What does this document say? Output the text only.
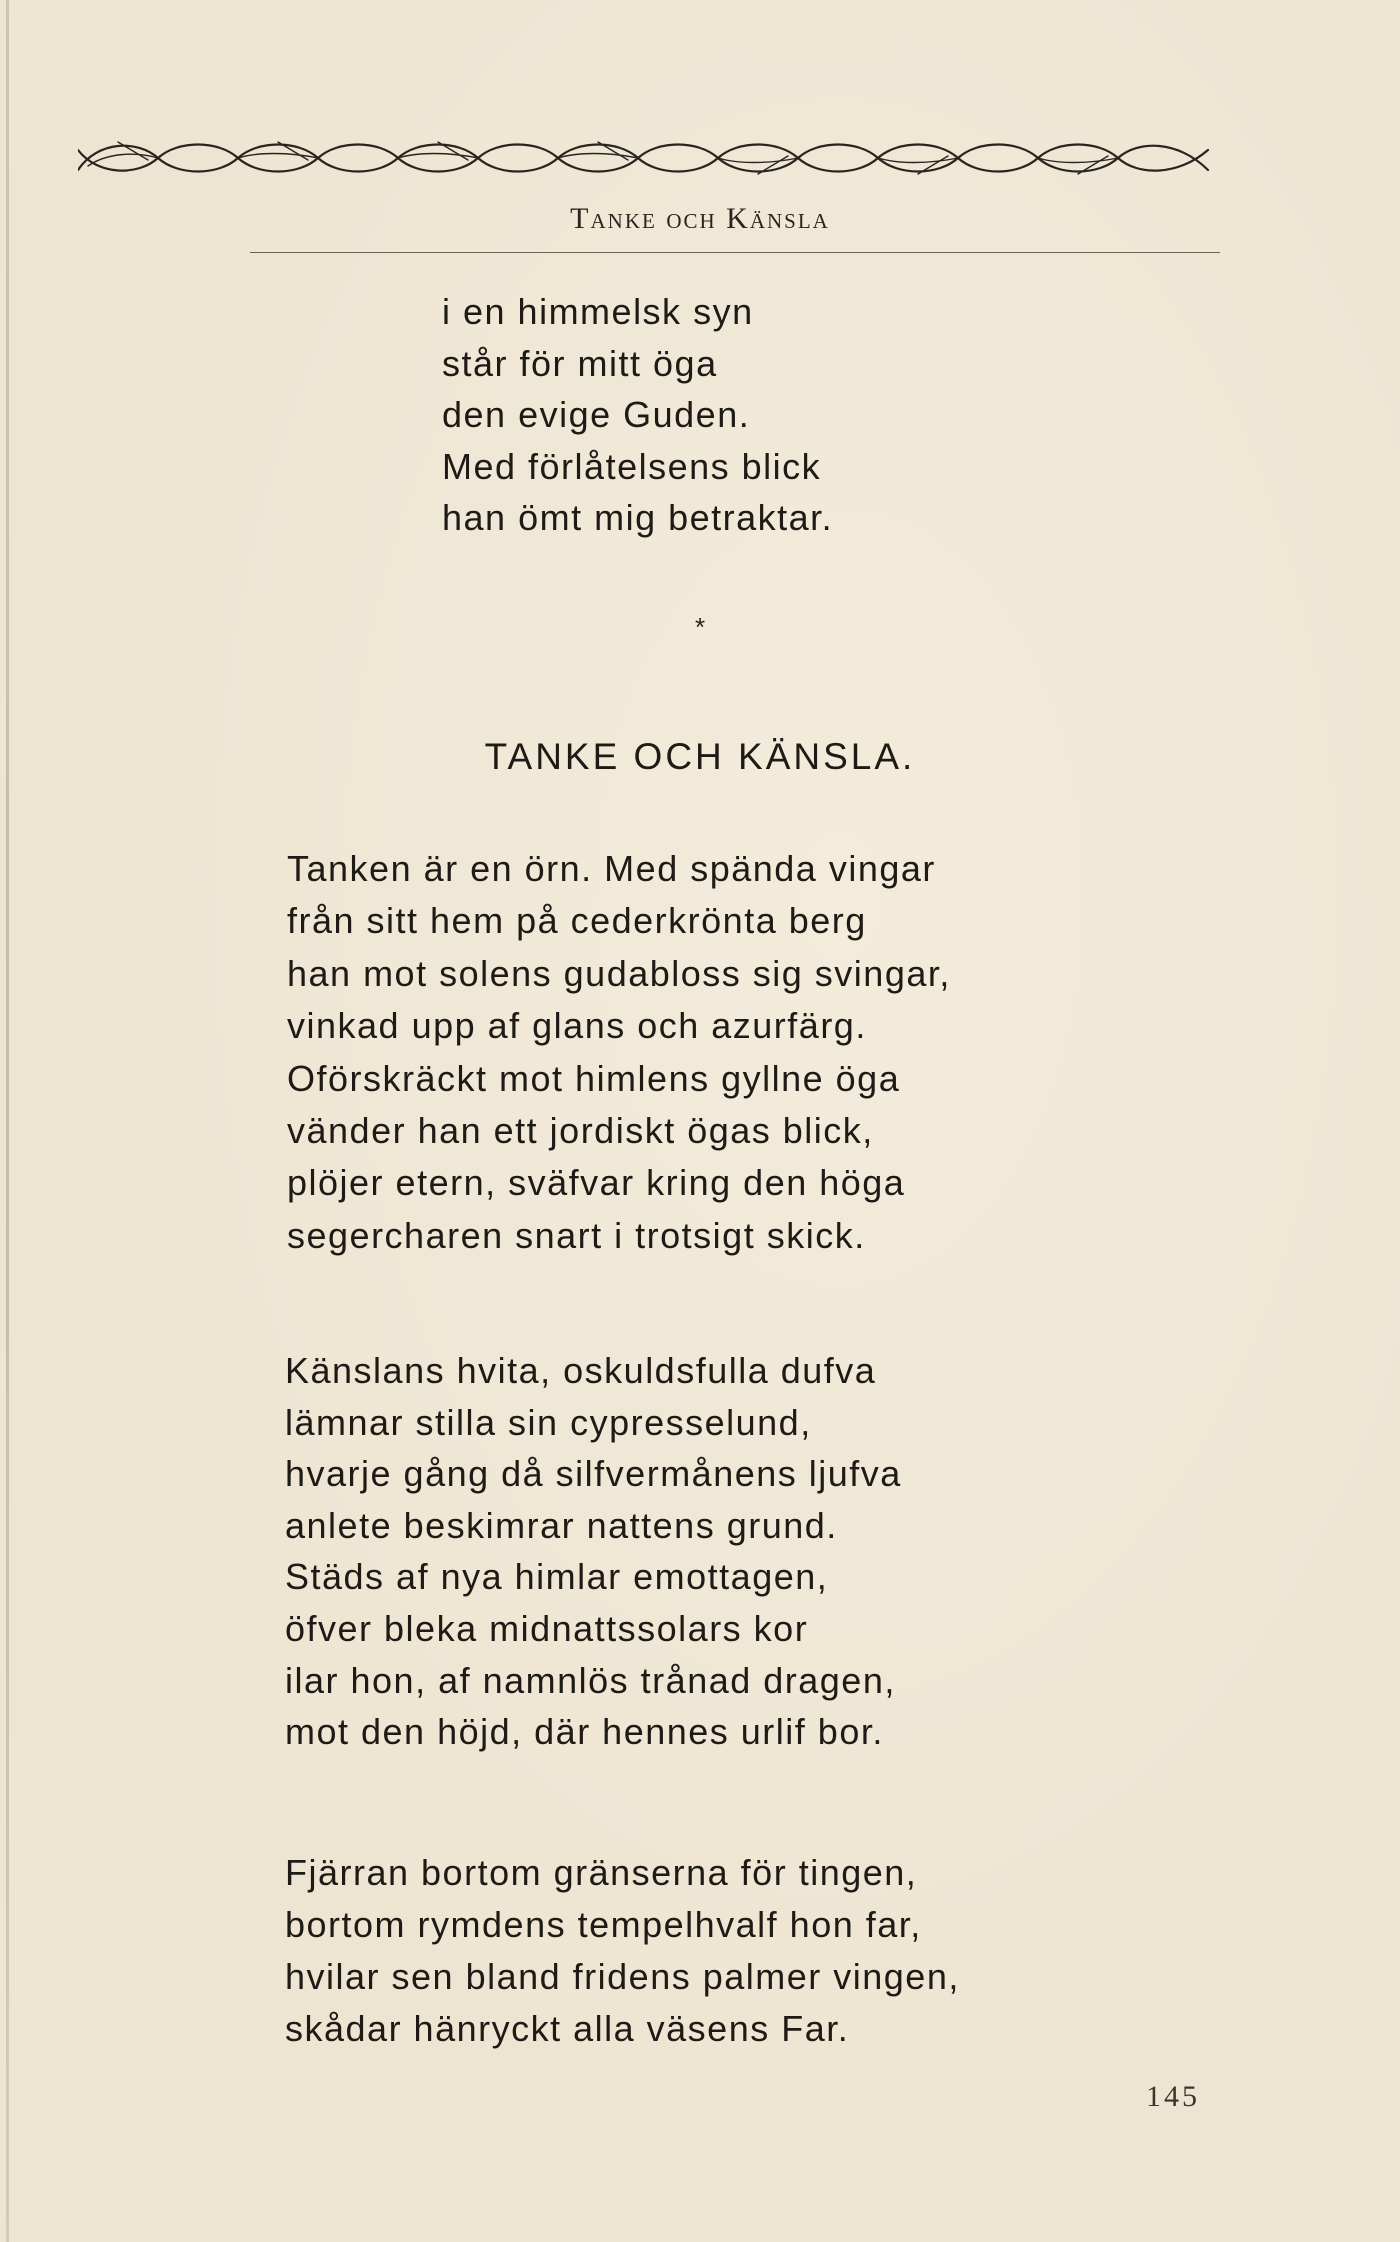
Tanke och Känsla
i en himmelsk syn
står för mitt öga
den evige Guden.
Med förlåtelsens blick
han ömt mig betraktar.
*
TANKE OCH KÄNSLA.
Tanken är en örn. Med spända vingar
från sitt hem på cederkrönta berg
han mot solens gudabloss sig svingar,
vinkad upp af glans och azurfärg.
Oförskräckt mot himlens gyllne öga
vänder han ett jordiskt ögas blick,
plöjer etern, sväfvar kring den höga
segercharen snart i trotsigt skick.
Känslans hvita, oskuldsfulla dufva
lämnar stilla sin cypresselund,
hvarje gång då silfvermånens ljufva
anlete beskimrar nattens grund.
Städs af nya himlar emottagen,
öfver bleka midnattssolars kor
ilar hon, af namnlös trånad dragen,
mot den höjd, där hennes urlif bor.
Fjärran bortom gränserna för tingen,
bortom rymdens tempelhvalf hon far,
hvilar sen bland fridens palmer vingen,
skådar hänryckt alla väsens Far.
145
